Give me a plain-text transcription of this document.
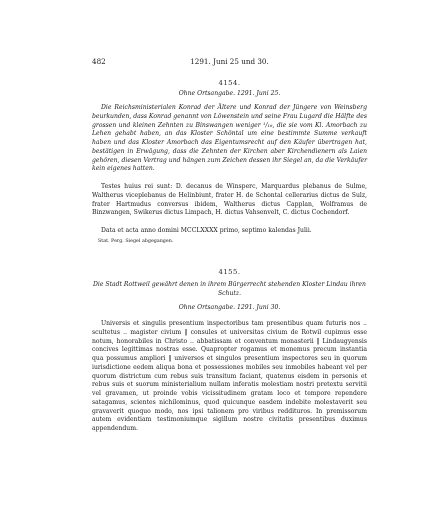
482	1291. Juni 25 und 30.

4154.

Ohne Ortsangabe. 1291. Juni 25.

Die Reichsministerialen Konrad der Ältere und Konrad der Jüngere von Weinsberg beurkunden, dass Konrad genannt von Löwenstein und seine Frau Lugard die Hälfte des grossen und kleinen Zehnten zu Binswangen weniger ¹/₁₆, die sie vom Kl. Amorbach zu Lehen gehabt haben, an das Kloster Schöntal um eine bestimmte Summe verkauft haben und das Kloster Amorbach das Eigentumsrecht auf den Käufer übertragen hat, bestätigen in Erwägung, dass die Zehnten der Kirchen aber Kirchendienern als Laien gehören, diesen Vertrag und hängen zum Zeichen dessen ihr Siegel an, da die Verkäufer kein eigenes hatten.

Testes huius rei sunt: D. decanus de Winsperc, Marquardus plebanus de Sulme, Waltherus viceplebanus de Helinbiunt, frater H. de Schontal cellerarius dictus de Sulz, frater Hartmudus conversus ibidem, Waltherus dictus Capplan, Wolframus de Binzwangen, Swikerus dictus Limpach, H. dictus Vahsenvelt, C. dictus Cochendorf.

Data et acta anno domini MCCLXXXX primo, septimo kalendas Julii.

Stat. Perg. Siegel abgegangen.

4155.

Die Stadt Rottweil gewährt denen in ihrem Bürgerrecht stehenden Kloster Lindau ihren Schutz.

Ohne Ortsangabe. 1291. Juni 30.

Universis et singulis presentium inspectoribus tam presentibus quam futuris nos .. scultetus .. magister civium ‖ consules et universitas civium de Rotwil cupimus esse notum, honorabiles in Christo .. abbatissam et conventum monasterii ‖ Lindaugyensis concives legittimas nostras esse. Quapropter rogamus et monemus precum instantia qua possumus ampliori ‖ universos et singulos presentium inspectores seu in quorum iurisdictione eedem aliqua bona et possessiones mobiles seu inmobiles habeant vel per quorum districtum cum rebus suis transitum faciant, quatenus eisdem in personis et rebus suis et suorum ministerialium nullam inferatis molestiam nostri pretextu servitii vel gravamen, ut proinde vobis vicissitudinem gratam loco et tempore rependere satagamus, scientes nichilominus, quod quicunque easdem indebite molestaverit seu gravaverit quoquo modo, nos ipsi talionem pro viribus reddituros. In premissorum autem evidentiam testimoniumque sigillum nostre civitatis presentibus duximus appendendum.
